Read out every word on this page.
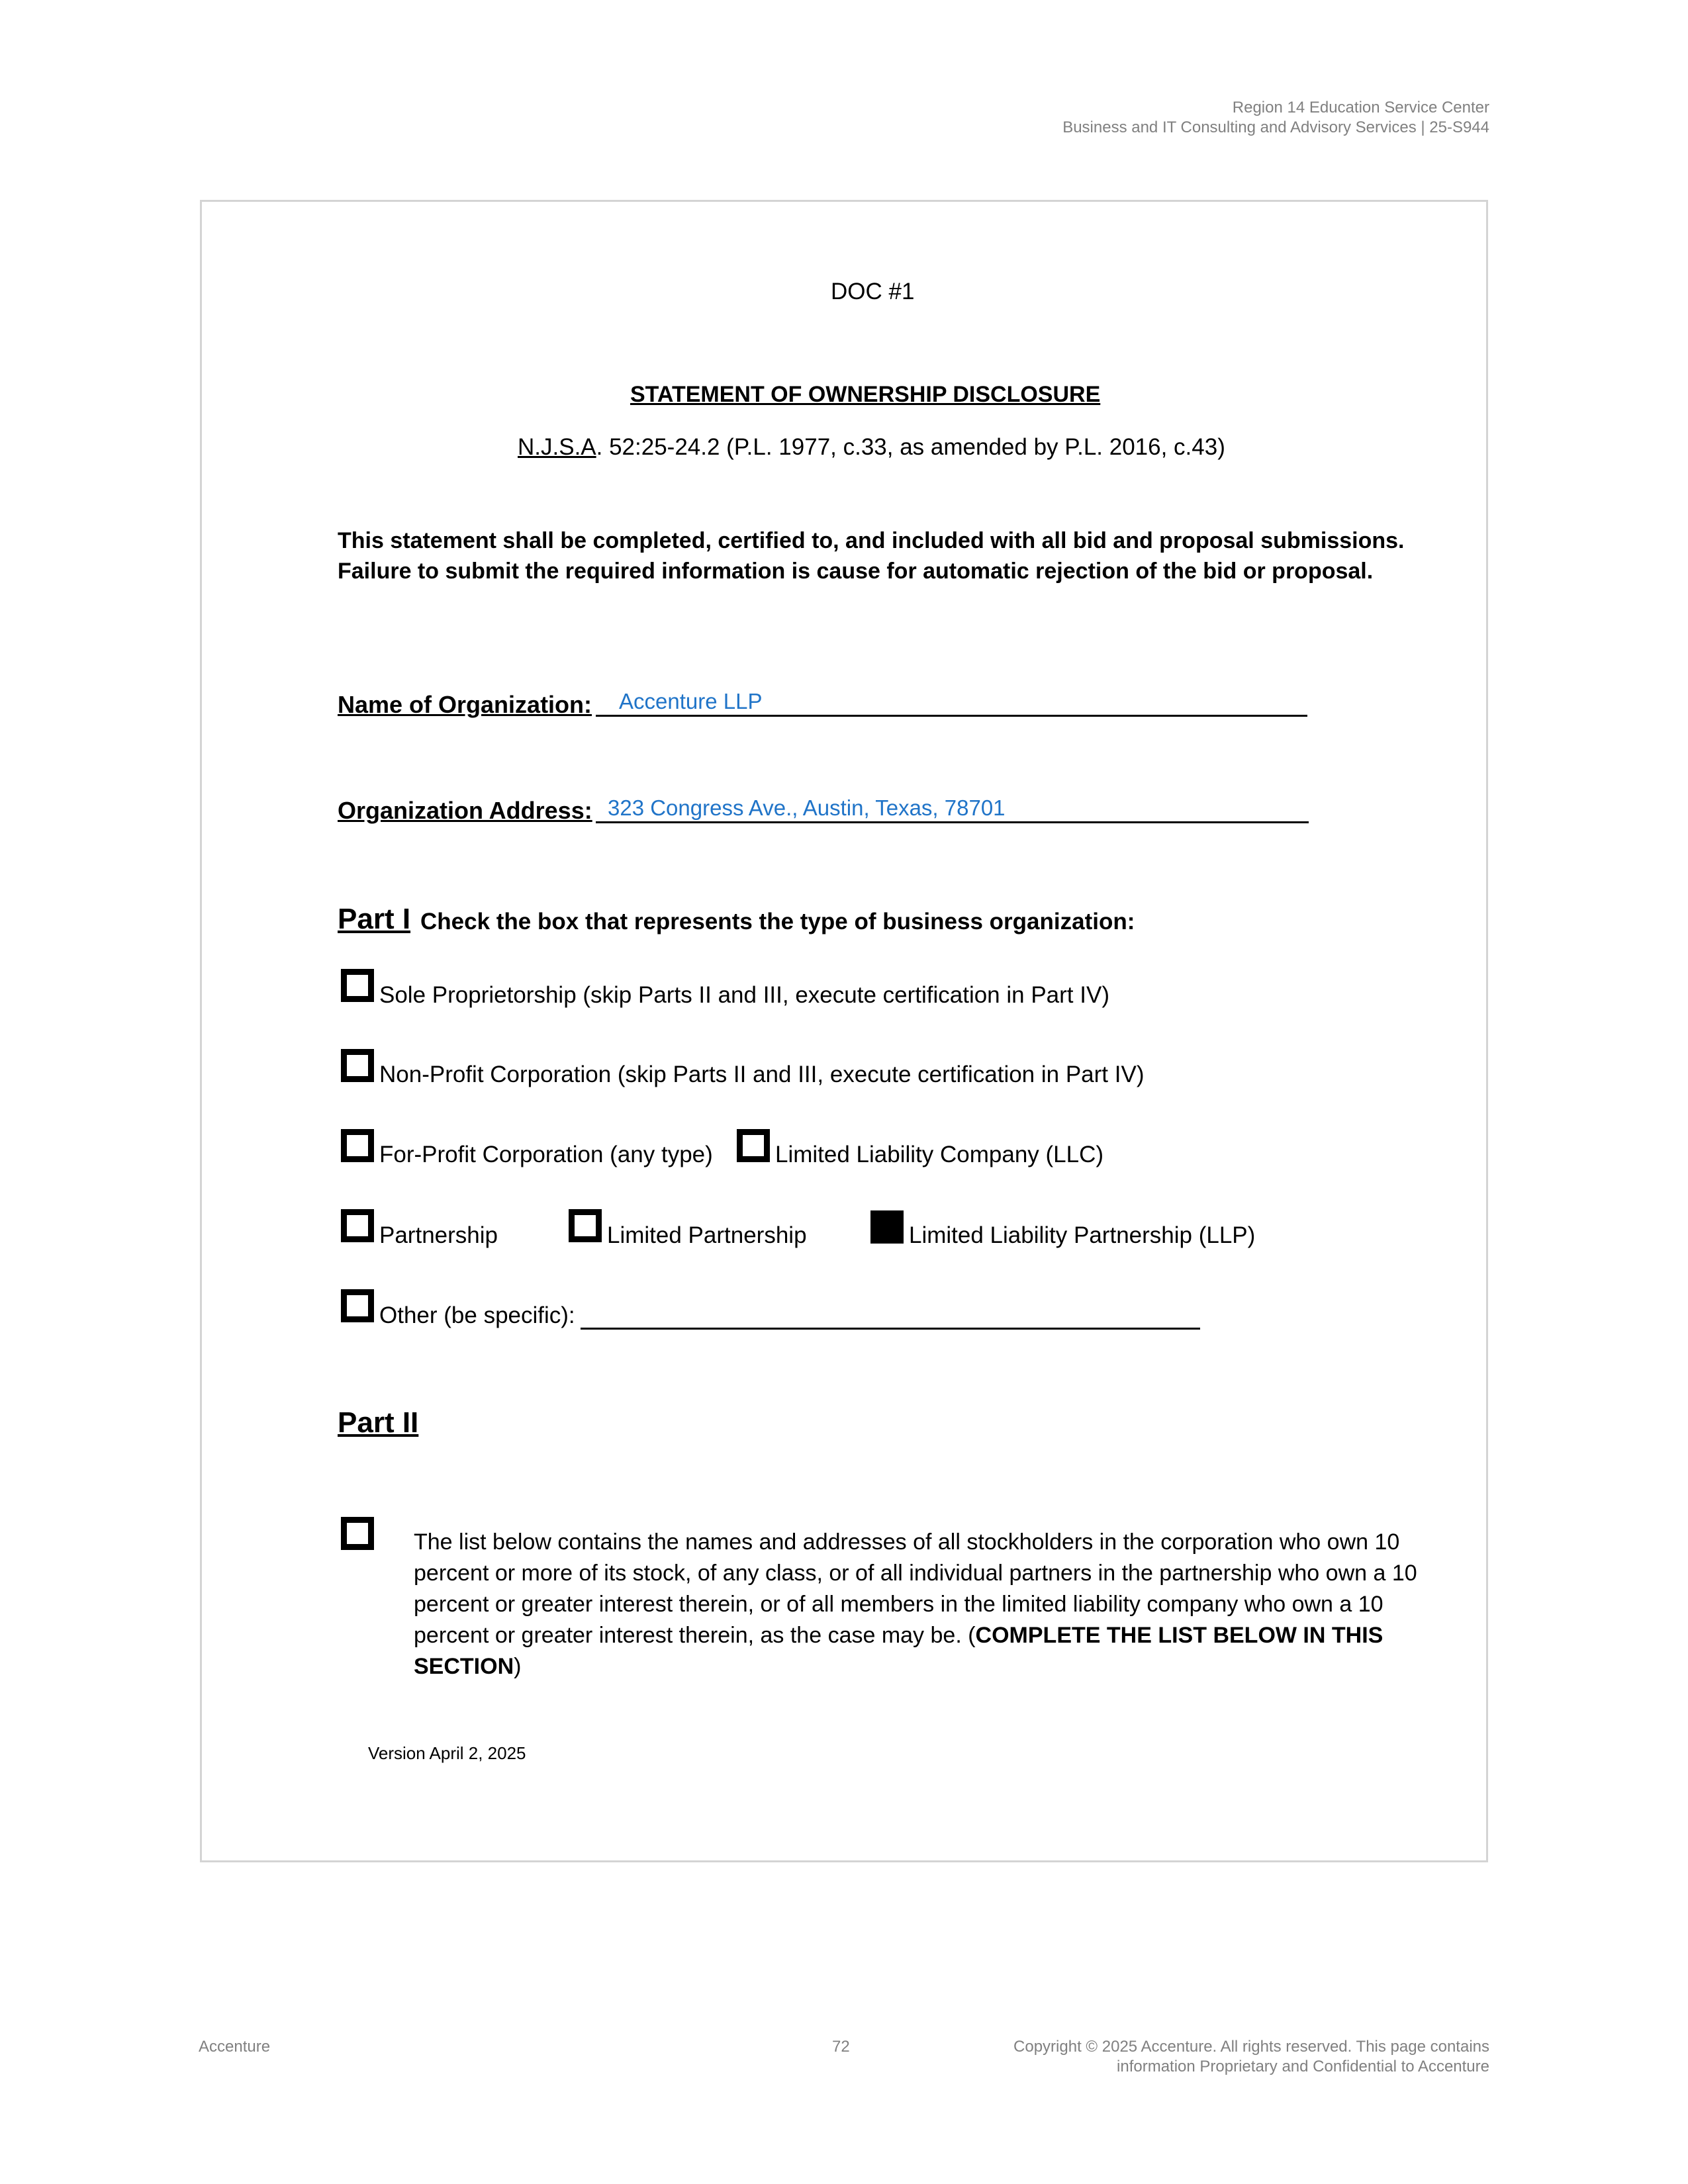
Region 14 Education Service Center
Business and IT Consulting and Advisory Services | 25-S944
DOC #1
STATEMENT OF OWNERSHIP DISCLOSURE
N.J.S.A. 52:25-24.2 (P.L. 1977, c.33, as amended by P.L. 2016, c.43)
This statement shall be completed, certified to, and included with all bid and proposal submissions. Failure to submit the required information is cause for automatic rejection of the bid or proposal.
Name of Organization: Accenture LLP
Organization Address: 323 Congress Ave., Austin, Texas, 78701
Part I Check the box that represents the type of business organization:
Sole Proprietorship (skip Parts II and III, execute certification in Part IV)
Non-Profit Corporation (skip Parts II and III, execute certification in Part IV)
For-Profit Corporation (any type)	Limited Liability Company (LLC)
Partnership	Limited Partnership	Limited Liability Partnership (LLP)
Other (be specific):
Part II
The list below contains the names and addresses of all stockholders in the corporation who own 10 percent or more of its stock, of any class, or of all individual partners in the partnership who own a 10 percent or greater interest therein, or of all members in the limited liability company who own a 10 percent or greater interest therein, as the case may be. (COMPLETE THE LIST BELOW IN THIS SECTION)
Version April 2, 2025
Accenture	72	Copyright © 2025 Accenture. All rights reserved. This page contains
information Proprietary and Confidential to Accenture
